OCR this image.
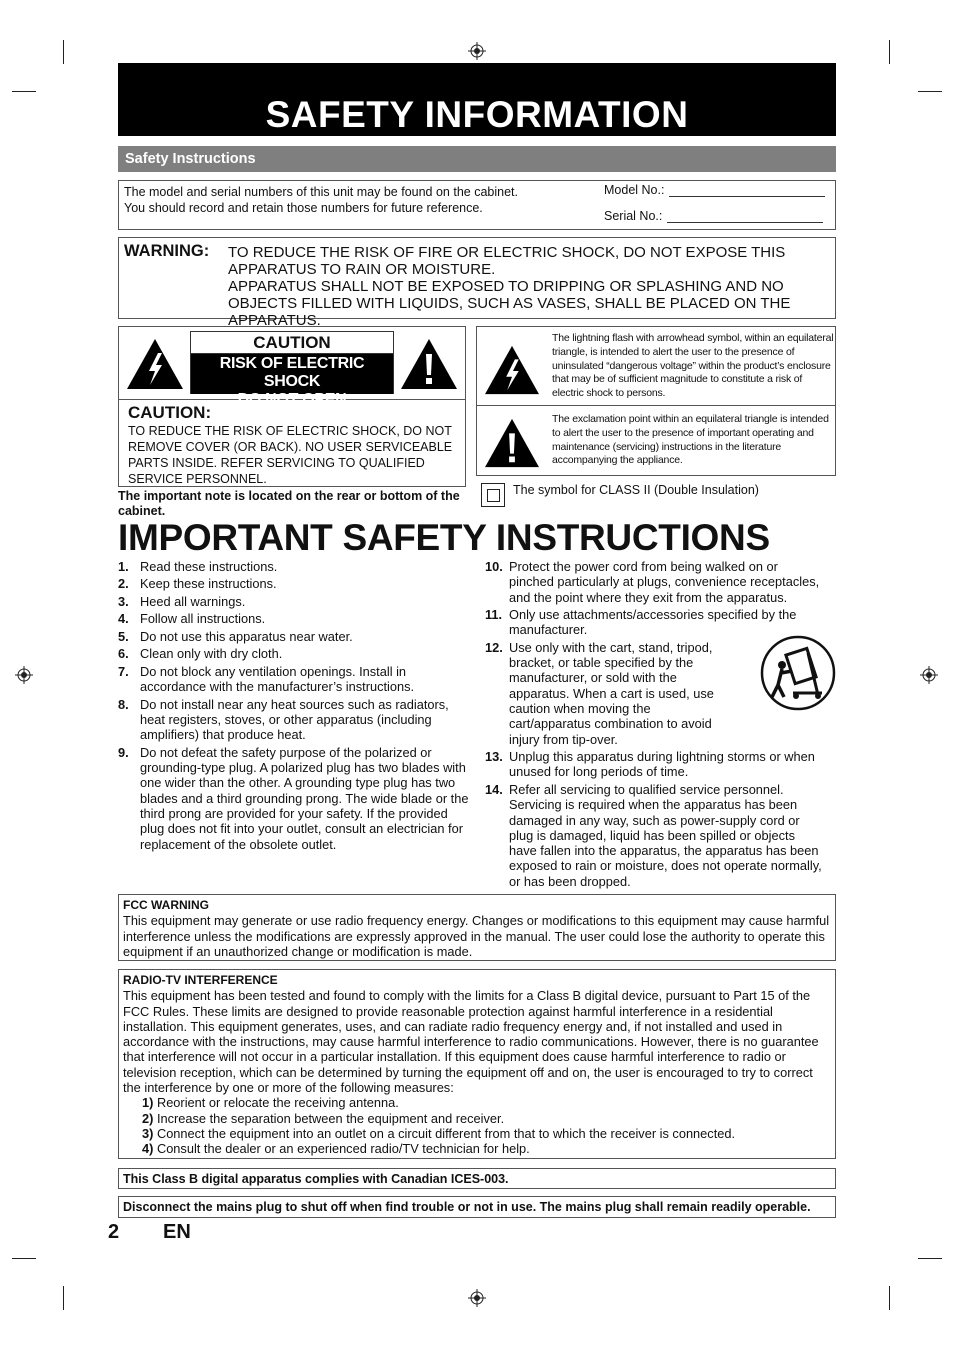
SAFETY INFORMATION
Safety Instructions
The model and serial numbers of this unit may be found on the cabinet.
You should record and retain those numbers for future reference.
Model No.:
Serial No.:
WARNING: TO REDUCE THE RISK OF FIRE OR ELECTRIC SHOCK, DO NOT EXPOSE THIS APPARATUS TO RAIN OR MOISTURE.
APPARATUS SHALL NOT BE EXPOSED TO DRIPPING OR SPLASHING AND NO OBJECTS FILLED WITH LIQUIDS, SUCH AS VASES, SHALL BE PLACED ON THE APPARATUS.
CAUTION
RISK OF ELECTRIC SHOCK
DO NOT OPEN
CAUTION:
TO REDUCE THE RISK OF ELECTRIC SHOCK, DO NOT REMOVE COVER (OR BACK). NO USER SERVICEABLE PARTS INSIDE. REFER SERVICING TO QUALIFIED SERVICE PERSONNEL.
The lightning flash with arrowhead symbol, within an equilateral triangle, is intended to alert the user to the presence of uninsulated “dangerous voltage” within the product’s enclosure that may be of sufficient magnitude to constitute a risk of electric shock to persons.
The exclamation point within an equilateral triangle is intended to alert the user to the presence of important operating and maintenance (servicing) instructions in the literature accompanying the appliance.
The important note is located on the rear or bottom of the cabinet.
The symbol for CLASS II (Double Insulation)
IMPORTANT SAFETY INSTRUCTIONS
1. Read these instructions.
2. Keep these instructions.
3. Heed all warnings.
4. Follow all instructions.
5. Do not use this apparatus near water.
6. Clean only with dry cloth.
7. Do not block any ventilation openings. Install in accordance with the manufacturer’s instructions.
8. Do not install near any heat sources such as radiators, heat registers, stoves, or other apparatus (including amplifiers) that produce heat.
9. Do not defeat the safety purpose of the polarized or grounding-type plug. A polarized plug has two blades with one wider than the other. A grounding type plug has two blades and a third grounding prong. The wide blade or the third prong are provided for your safety. If the provided plug does not fit into your outlet, consult an electrician for replacement of the obsolete outlet.
10. Protect the power cord from being walked on or pinched particularly at plugs, convenience receptacles, and the point where they exit from the apparatus.
11. Only use attachments/accessories specified by the manufacturer.
12. Use only with the cart, stand, tripod, bracket, or table specified by the manufacturer, or sold with the apparatus. When a cart is used, use caution when moving the cart/apparatus combination to avoid injury from tip-over.
13. Unplug this apparatus during lightning storms or when unused for long periods of time.
14. Refer all servicing to qualified service personnel. Servicing is required when the apparatus has been damaged in any way, such as power-supply cord or plug is damaged, liquid has been spilled or objects have fallen into the apparatus, the apparatus has been exposed to rain or moisture, does not operate normally, or has been dropped.
FCC WARNING
This equipment may generate or use radio frequency energy. Changes or modifications to this equipment may cause harmful interference unless the modifications are expressly approved in the manual. The user could lose the authority to operate this equipment if an unauthorized change or modification is made.
RADIO-TV INTERFERENCE
This equipment has been tested and found to comply with the limits for a Class B digital device, pursuant to Part 15 of the FCC Rules. These limits are designed to provide reasonable protection against harmful interference in a residential installation. This equipment generates, uses, and can radiate radio frequency energy and, if not installed and used in accordance with the instructions, may cause harmful interference to radio communications. However, there is no guarantee that interference will not occur in a particular installation. If this equipment does cause harmful interference to radio or television reception, which can be determined by turning the equipment off and on, the user is encouraged to try to correct the interference by one or more of the following measures:
1) Reorient or relocate the receiving antenna.
2) Increase the separation between the equipment and receiver.
3) Connect the equipment into an outlet on a circuit different from that to which the receiver is connected.
4) Consult the dealer or an experienced radio/TV technician for help.
This Class B digital apparatus complies with Canadian ICES-003.
Disconnect the mains plug to shut off when find trouble or not in use. The mains plug shall remain readily operable.
2 EN
